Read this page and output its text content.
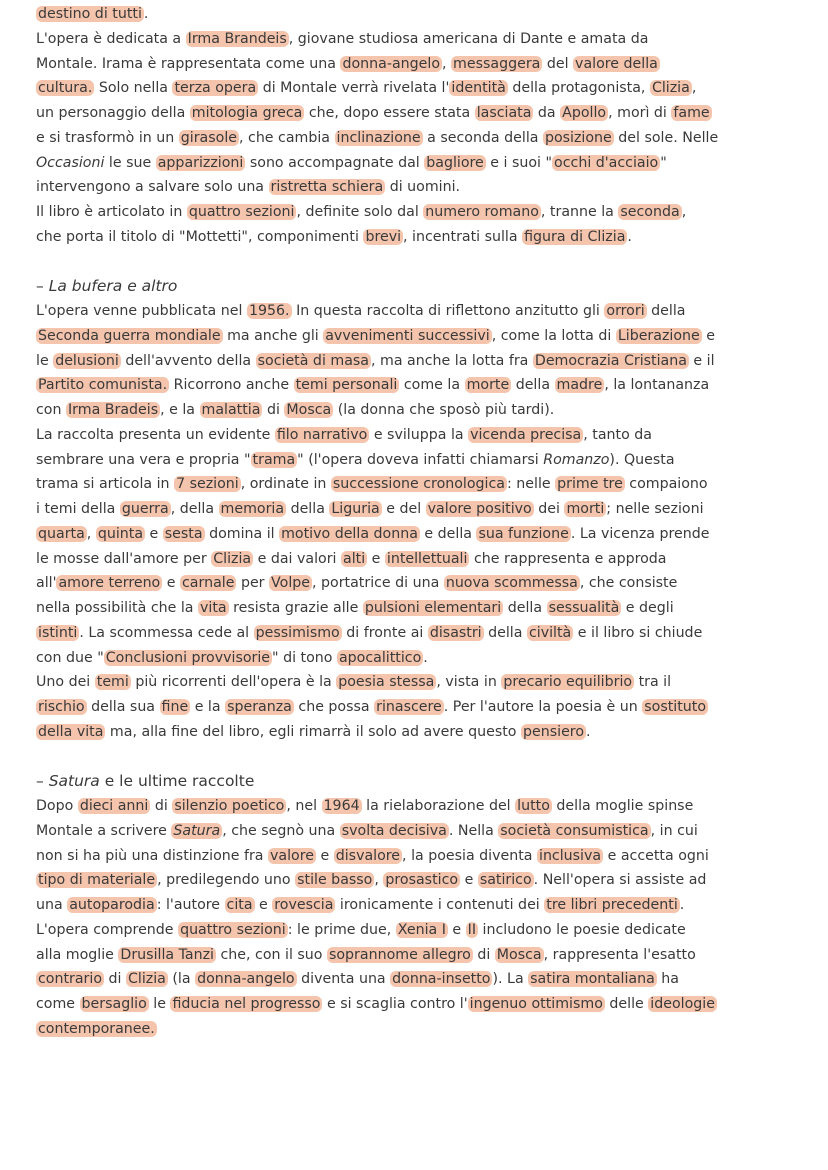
destino di tutti .
L'opera è dedicata a Irma Brandeis , giovane studiosa americana di Dante e amata da
Montale. Irama è rappresentata come una donna-angelo , messaggera del valore della
cultura. Solo nella terza opera di Montale verrà rivelata l' identità della protagonista, Clizia ,
un personaggio della mitologia greca che, dopo essere stata lasciata da Apollo , morì di fame
e si trasformò in un girasole , che cambia inclinazione a seconda della posizione del sole. Nelle
Occasioni le sue apparizzioni sono accompagnate dal bagliore e i suoi " occhi d'acciaio "
intervengono a salvare solo una ristretta schiera di uomini.
Il libro è articolato in quattro sezioni , definite solo dal numero romano , tranne la seconda ,
che porta il titolo di "Mottetti", componimenti brevi , incentrati sulla figura di Clizia .
– La bufera e altro
L'opera venne pubblicata nel 1956. In questa raccolta di riflettono anzitutto gli orrori della
Seconda guerra mondiale ma anche gli avvenimenti successivi , come la lotta di Liberazione e
le delusioni dell'avvento della società di masa , ma anche la lotta fra Democrazia Cristiana e il
Partito comunista. Ricorrono anche temi personali come la morte della madre , la lontananza
con Irma Bradeis , e la malattia di Mosca (la donna che sposò più tardi).
La raccolta presenta un evidente filo narrativo e sviluppa la vicenda precisa , tanto da
sembrare una vera e propria " trama " (l'opera doveva infatti chiamarsi Romanzo). Questa
trama si articola in 7 sezioni , ordinate in successione cronologica : nelle prime tre compaiono
i temi della guerra , della memoria della Liguria e del valore positivo dei morti ; nelle sezioni
quarta , quinta e sesta domina il motivo della donna e della sua funzione . La vicenza prende
le mosse dall'amore per Clizia e dai valori alti e intellettuali che rappresenta e approda
all' amore terreno e carnale per Volpe , portatrice di una nuova scommessa , che consiste
nella possibilità che la vita resista grazie alle pulsioni elementari della sessualità e degli
istinti . La scommessa cede al pessimismo di fronte ai disastri della civiltà e il libro si chiude
con due " Conclusioni provvisorie " di tono apocalittico .
Uno dei temi più ricorrenti dell'opera è la poesia stessa , vista in precario equilibrio tra il
rischio della sua fine e la speranza che possa rinascere . Per l'autore la poesia è un sostituto
della vita ma, alla fine del libro, egli rimarrà il solo ad avere questo pensiero .
– Satura e le ultime raccolte
Dopo dieci anni di silenzio poetico , nel 1964 la rielaborazione del lutto della moglie spinse
Montale a scrivere Satura , che segnò una svolta decisiva . Nella società consumistica , in cui
non si ha più una distinzione fra valore e disvalore , la poesia diventa inclusiva e accetta ogni
tipo di materiale , predilegendo uno stile basso , prosastico e satirico . Nell'opera si assiste ad
una autoparodia : l'autore cita e rovescia ironicamente i contenuti dei tre libri precedenti .
L'opera comprende quattro sezioni : le prime due, Xenia I e II includono le poesie dedicate
alla moglie Drusilla Tanzi che, con il suo soprannome allegro di Mosca , rappresenta l'esatto
contrario di Clizia (la donna-angelo diventa una donna-insetto ). La satira montaliana ha
come bersaglio le fiducia nel progresso e si scaglia contro l' ingenuo ottimismo delle ideologie
contemporanee.
